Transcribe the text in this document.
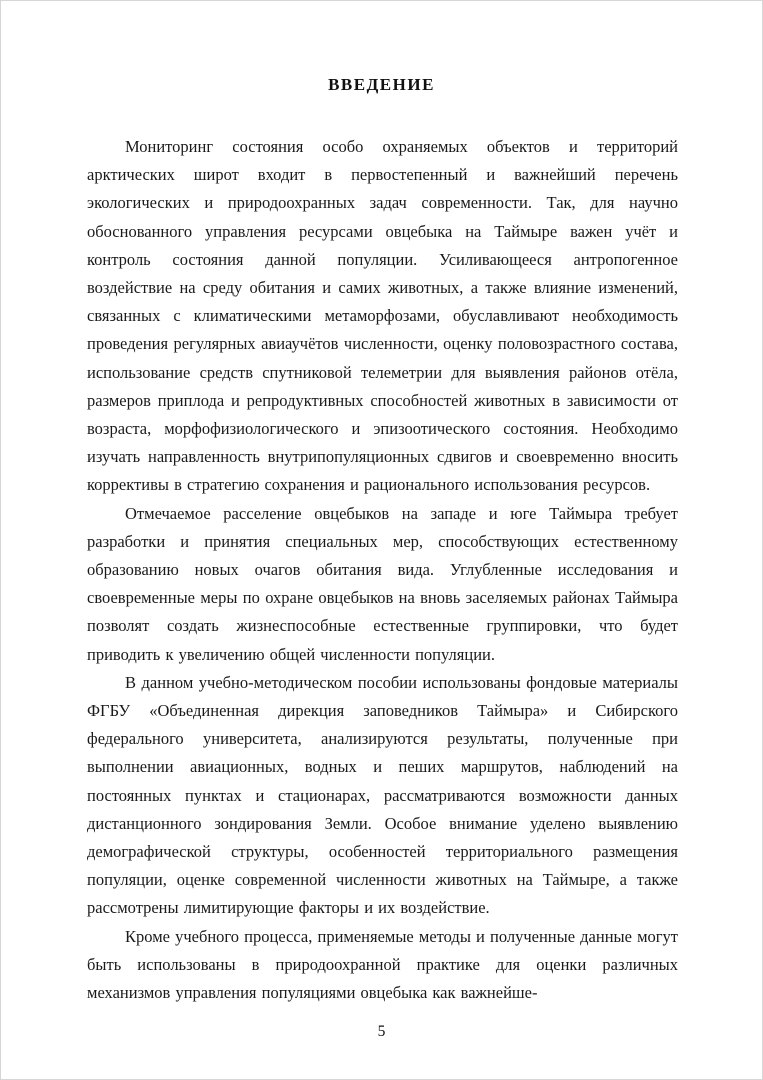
ВВЕДЕНИЕ

Мониторинг состояния особо охраняемых объектов и территорий арктических широт входит в первостепенный и важнейший перечень экологических и природоохранных задач современности. Так, для научно обоснованного управления ресурсами овцебыка на Таймыре важен учёт и контроль состояния данной популяции. Усиливающееся антропогенное воздействие на среду обитания и самих животных, а также влияние изменений, связанных с климатическими метаморфозами, обуславливают необходимость проведения регулярных авиаучётов численности, оценку половозрастного состава, использование средств спутниковой телеметрии для выявления районов отёла, размеров приплода и репродуктивных способностей животных в зависимости от возраста, морфофизиологического и эпизоотического состояния. Необходимо изучать направленность внутрипопуляционных сдвигов и своевременно вносить коррективы в стратегию сохранения и рационального использования ресурсов.

Отмечаемое расселение овцебыков на западе и юге Таймыра требует разработки и принятия специальных мер, способствующих естественному образованию новых очагов обитания вида. Углубленные исследования и своевременные меры по охране овцебыков на вновь заселяемых районах Таймыра позволят создать жизнеспособные естественные группировки, что будет приводить к увеличению общей численности популяции.

В данном учебно-методическом пособии использованы фондовые материалы ФГБУ «Объединенная дирекция заповедников Таймыра» и Сибирского федерального университета, анализируются результаты, полученные при выполнении авиационных, водных и пеших маршрутов, наблюдений на постоянных пунктах и стационарах, рассматриваются возможности данных дистанционного зондирования Земли. Особое внимание уделено выявлению демографической структуры, особенностей территориального размещения популяции, оценке современной численности животных на Таймыре, а также рассмотрены лимитирующие факторы и их воздействие.

Кроме учебного процесса, применяемые методы и полученные данные могут быть использованы в природоохранной практике для оценки различных механизмов управления популяциями овцебыка как важнейше-

5
